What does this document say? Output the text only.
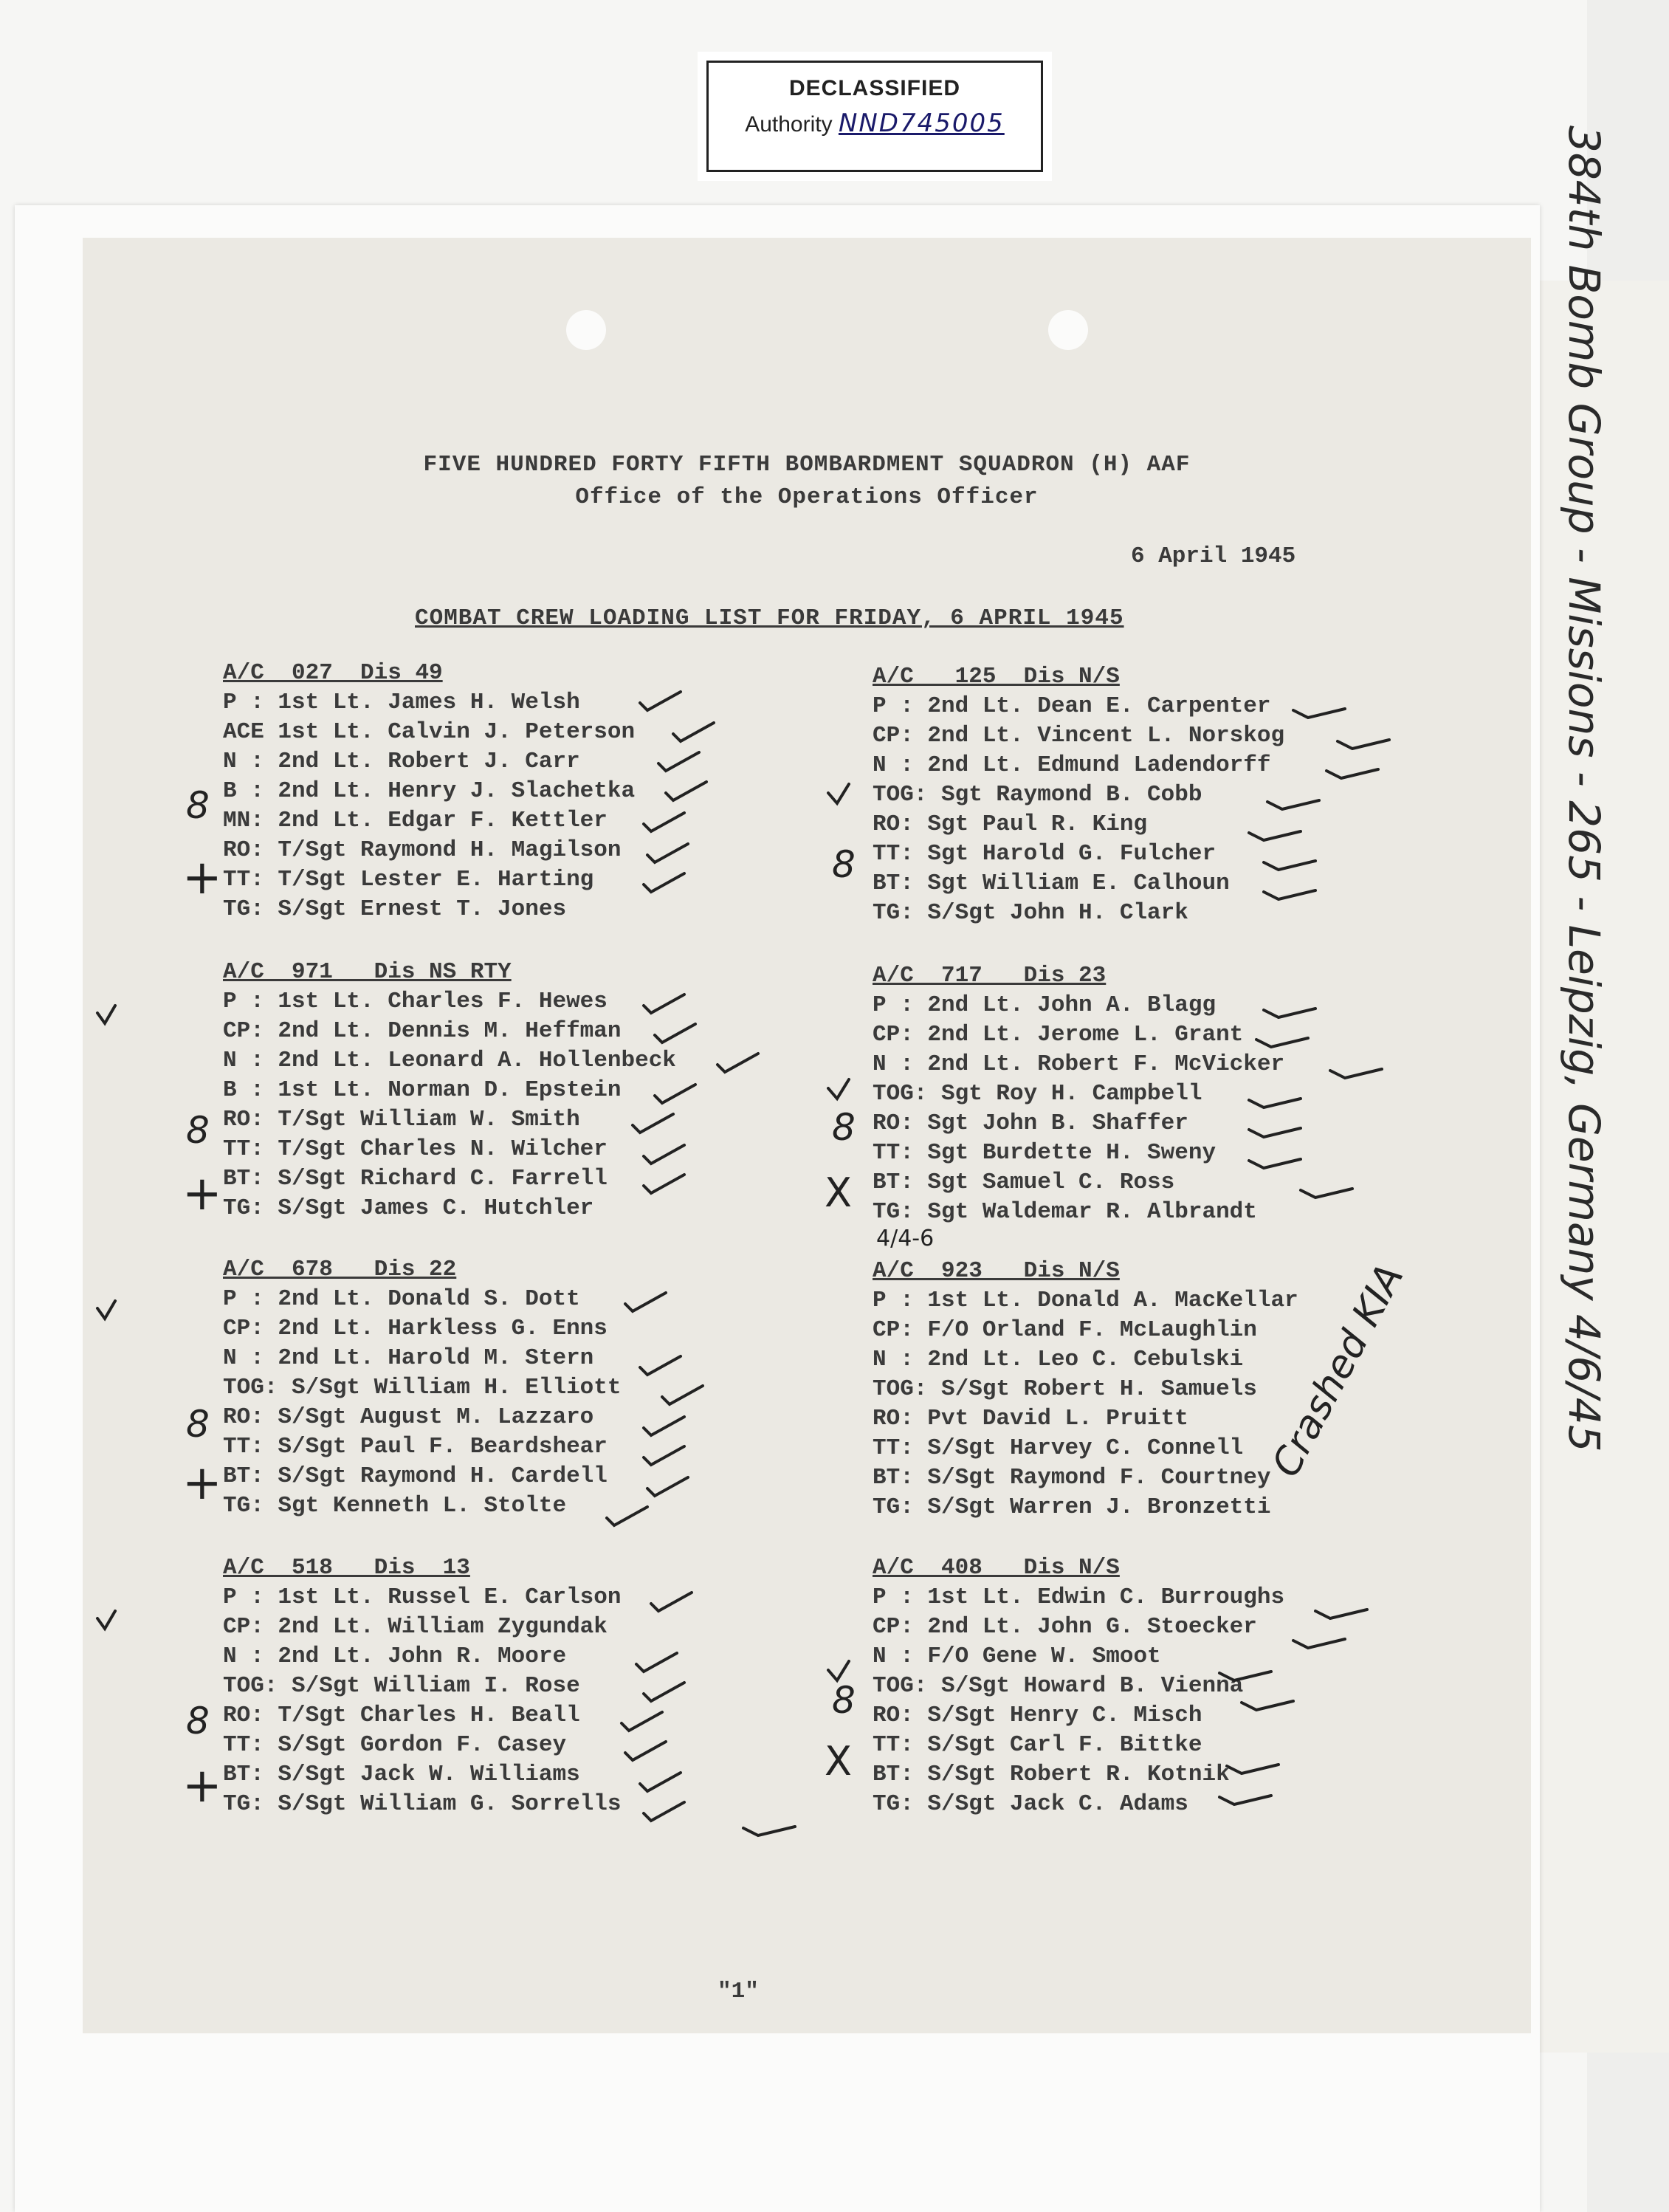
DECLASSIFIED
Authority NND745005
384th Bomb Group - Missions - 265 - Leipzig, Germany 4/6/45
FIVE HUNDRED FORTY FIFTH BOMBARDMENT SQUADRON (H) AAF
Office of the Operations Officer
6 April 1945
COMBAT CREW LOADING LIST FOR FRIDAY, 6 APRIL 1945
A/C  027  Dis 49
P : 1st Lt. James H. Welsh
ACE 1st Lt. Calvin J. Peterson
N : 2nd Lt. Robert J. Carr
B : 2nd Lt. Henry J. Slachetka
MN: 2nd Lt. Edgar F. Kettler
RO: T/Sgt Raymond H. Magilson
TT: T/Sgt Lester E. Harting
TG: S/Sgt Ernest T. Jones
A/C  971   Dis NS RTY
P : 1st Lt. Charles F. Hewes
CP: 2nd Lt. Dennis M. Heffman
N : 2nd Lt. Leonard A. Hollenbeck
B : 1st Lt. Norman D. Epstein
RO: T/Sgt William W. Smith
TT: T/Sgt Charles N. Wilcher
BT: S/Sgt Richard C. Farrell
TG: S/Sgt James C. Hutchler
A/C  678   Dis 22
P : 2nd Lt. Donald S. Dott
CP: 2nd Lt. Harkless G. Enns
N : 2nd Lt. Harold M. Stern
TOG: S/Sgt William H. Elliott
RO: S/Sgt August M. Lazzaro
TT: S/Sgt Paul F. Beardshear
BT: S/Sgt Raymond H. Cardell
TG: Sgt Kenneth L. Stolte
A/C  518   Dis  13
P : 1st Lt. Russel E. Carlson
CP: 2nd Lt. William Zygundak
N : 2nd Lt. John R. Moore
TOG: S/Sgt William I. Rose
RO: T/Sgt Charles H. Beall
TT: S/Sgt Gordon F. Casey
BT: S/Sgt Jack W. Williams
TG: S/Sgt William G. Sorrells
A/C   125  Dis N/S
P : 2nd Lt. Dean E. Carpenter
CP: 2nd Lt. Vincent L. Norskog
N : 2nd Lt. Edmund Ladendorff
TOG: Sgt Raymond B. Cobb
RO: Sgt Paul R. King
TT: Sgt Harold G. Fulcher
BT: Sgt William E. Calhoun
TG: S/Sgt John H. Clark
A/C  717   Dis 23
P : 2nd Lt. John A. Blagg
CP: 2nd Lt. Jerome L. Grant
N : 2nd Lt. Robert F. McVicker
TOG: Sgt Roy H. Campbell
RO: Sgt John B. Shaffer
TT: Sgt Burdette H. Sweny
BT: Sgt Samuel C. Ross
TG: Sgt Waldemar R. Albrandt
A/C  923   Dis N/S
P : 1st Lt. Donald A. MacKellar
CP: F/O Orland F. McLaughlin
N : 2nd Lt. Leo C. Cebulski
TOG: S/Sgt Robert H. Samuels
RO: Pvt David L. Pruitt
TT: S/Sgt Harvey C. Connell
BT: S/Sgt Raymond F. Courtney
TG: S/Sgt Warren J. Bronzetti
A/C  408   Dis N/S
P : 1st Lt. Edwin C. Burroughs
CP: 2nd Lt. John G. Stoecker
N : F/O Gene W. Smoot
TOG: S/Sgt Howard B. Vienna
RO: S/Sgt Henry C. Misch
TT: S/Sgt Carl F. Bittke
BT: S/Sgt Robert R. Kotnik
TG: S/Sgt Jack C. Adams
8
+
8
+
8
+
8
+
8
8
X
4/4-6
Crashed KIA
8
X
"1"
